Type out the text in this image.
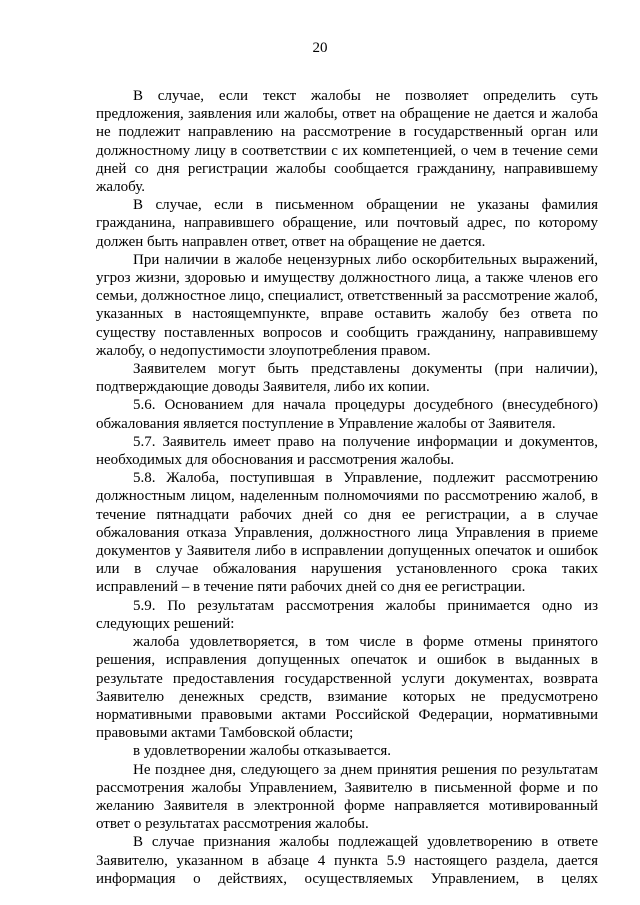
20

В случае, если текст жалобы не позволяет определить суть предложения, заявления или жалобы, ответ на обращение не дается и жалоба не подлежит направлению на рассмотрение в государственный орган или должностному лицу в соответствии с их компетенцией, о чем в течение семи дней со дня регистрации жалобы сообщается гражданину, направившему жалобу.

В случае, если в письменном обращении не указаны фамилия гражданина, направившего обращение, или почтовый адрес, по которому должен быть направлен ответ, ответ на обращение не дается.

При наличии в жалобе нецензурных либо оскорбительных выражений, угроз жизни, здоровью и имуществу должностного лица, а также членов его семьи, должностное лицо, специалист, ответственный за рассмотрение жалоб, указанных в настоящемпункте, вправе оставить жалобу без ответа по существу поставленных вопросов и сообщить гражданину, направившему жалобу, о недопустимости злоупотребления правом.

Заявителем могут быть представлены документы (при наличии), подтверждающие доводы Заявителя, либо их копии.

5.6. Основанием для начала процедуры досудебного (внесудебного) обжалования является поступление в Управление жалобы от Заявителя.

5.7. Заявитель имеет право на получение информации и документов, необходимых для обоснования и рассмотрения жалобы.

5.8. Жалоба, поступившая в Управление, подлежит рассмотрению должностным лицом, наделенным полномочиями по рассмотрению жалоб, в течение пятнадцати рабочих дней со дня ее регистрации, а в случае обжалования отказа Управления, должностного лица Управления в приеме документов у Заявителя либо в исправлении допущенных опечаток и ошибок или в случае обжалования нарушения установленного срока таких исправлений – в течение пяти рабочих дней со дня ее регистрации.

5.9. По результатам рассмотрения жалобы принимается одно из следующих решений:

жалоба удовлетворяется, в том числе в форме отмены принятого решения, исправления допущенных опечаток и ошибок в выданных в результате предоставления государственной услуги документах, возврата Заявителю денежных средств, взимание которых не предусмотрено нормативными правовыми актами Российской Федерации, нормативными правовыми актами Тамбовской области;

в удовлетворении жалобы отказывается.

Не позднее дня, следующего за днем принятия решения по результатам рассмотрения жалобы Управлением, Заявителю в письменной форме и по желанию Заявителя в электронной форме направляется мотивированный ответ о результатах рассмотрения жалобы.

В случае признания жалобы подлежащей удовлетворению в ответе Заявителю, указанном в абзаце 4 пункта 5.9 настоящего раздела, дается информация о действиях, осуществляемых Управлением, в целях
